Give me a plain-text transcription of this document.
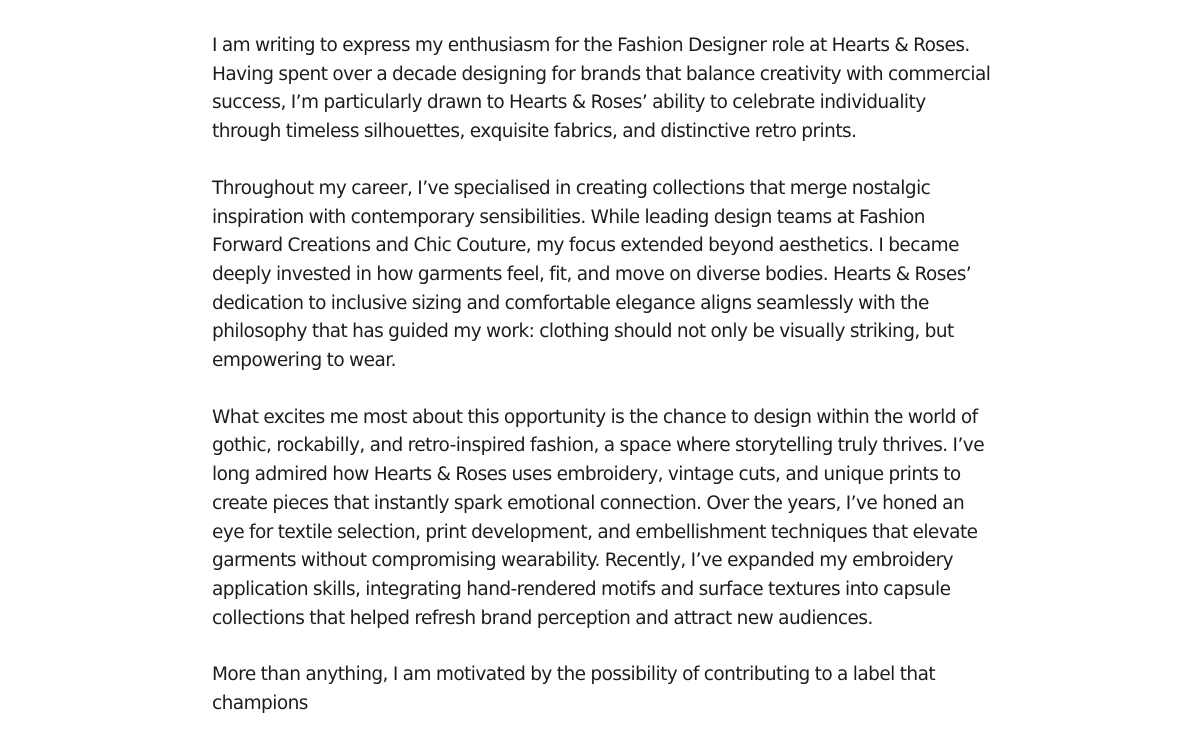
I am writing to express my enthusiasm for the Fashion Designer role at Hearts & Roses. Having spent over a decade designing for brands that balance creativity with commercial success, I’m particularly drawn to Hearts & Roses’ ability to celebrate individuality through timeless silhouettes, exquisite fabrics, and distinctive retro prints.

Throughout my career, I’ve specialised in creating collections that merge nostalgic inspiration with contemporary sensibilities. While leading design teams at Fashion Forward Creations and Chic Couture, my focus extended beyond aesthetics. I became deeply invested in how garments feel, fit, and move on diverse bodies. Hearts & Roses’ dedication to inclusive sizing and comfortable elegance aligns seamlessly with the philosophy that has guided my work: clothing should not only be visually striking, but empowering to wear.

What excites me most about this opportunity is the chance to design within the world of gothic, rockabilly, and retro-inspired fashion, a space where storytelling truly thrives. I’ve long admired how Hearts & Roses uses embroidery, vintage cuts, and unique prints to create pieces that instantly spark emotional connection. Over the years, I’ve honed an eye for textile selection, print development, and embellishment techniques that elevate garments without compromising wearability. Recently, I’ve expanded my embroidery application skills, integrating hand-rendered motifs and surface textures into capsule collections that helped refresh brand perception and attract new audiences.

More than anything, I am motivated by the possibility of contributing to a label that champions
